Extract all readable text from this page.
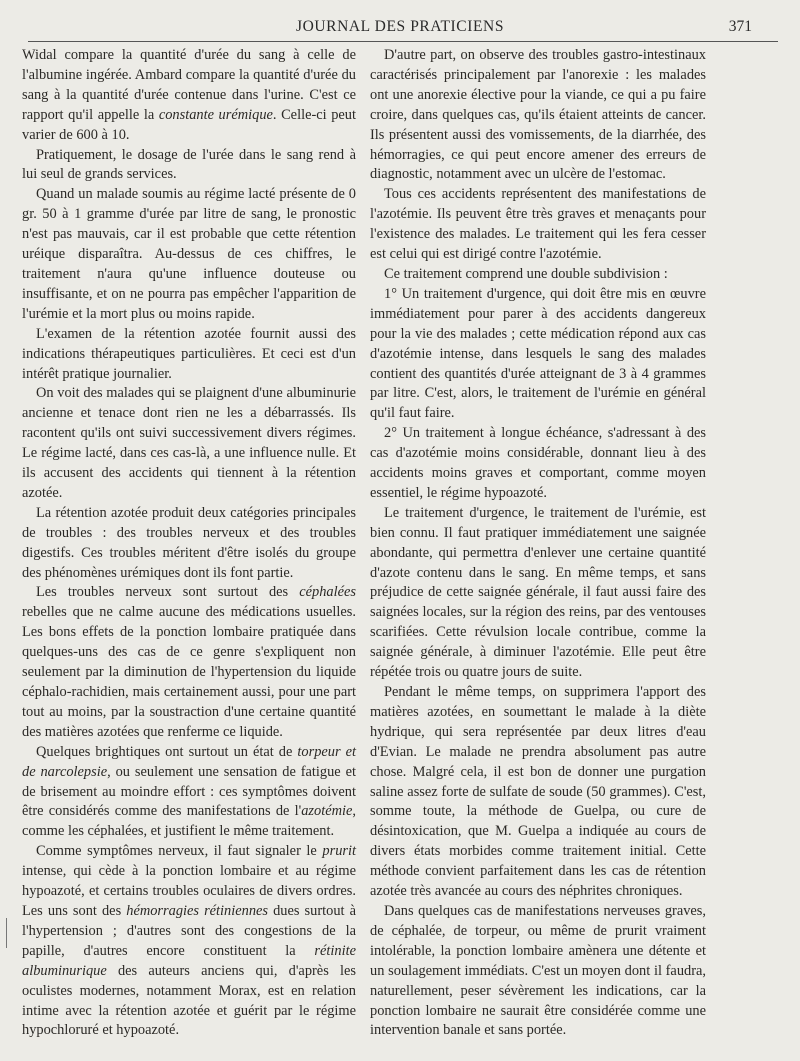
JOURNAL DES PRATICIENS	371

Widal compare la quantité d'urée du sang à celle de l'albumine ingérée. Ambard compare la quantité d'urée du sang à la quantité d'urée contenue dans l'urine. C'est ce rapport qu'il appelle la constante urémique. Celle-ci peut varier de 600 à 10.

Pratiquement, le dosage de l'urée dans le sang rend à lui seul de grands services.

Quand un malade soumis au régime lacté présente de 0 gr. 50 à 1 gramme d'urée par litre de sang, le pronostic n'est pas mauvais, car il est probable que cette rétention uréique disparaîtra. Au-dessus de ces chiffres, le traitement n'aura qu'une influence douteuse ou insuffisante, et on ne pourra pas empêcher l'apparition de l'urémie et la mort plus ou moins rapide.

L'examen de la rétention azotée fournit aussi des indications thérapeutiques particulières. Et ceci est d'un intérêt pratique journalier.

On voit des malades qui se plaignent d'une albuminurie ancienne et tenace dont rien ne les a débarrassés. Ils racontent qu'ils ont suivi successivement divers régimes. Le régime lacté, dans ces cas-là, a une influence nulle. Et ils accusent des accidents qui tiennent à la rétention azotée.

La rétention azotée produit deux catégories principales de troubles : des troubles nerveux et des troubles digestifs. Ces troubles méritent d'être isolés du groupe des phénomènes urémiques dont ils font partie.

Les troubles nerveux sont surtout des céphalées rebelles que ne calme aucune des médications usuelles. Les bons effets de la ponction lombaire pratiquée dans quelques-uns des cas de ce genre s'expliquent non seulement par la diminution de l'hypertension du liquide céphalo-rachidien, mais certainement aussi, pour une part tout au moins, par la soustraction d'une certaine quantité des matières azotées que renferme ce liquide.

Quelques brightiques ont surtout un état de torpeur et de narcolepsie, ou seulement une sensation de fatigue et de brisement au moindre effort : ces symptômes doivent être considérés comme des manifestations de l'azotémie, comme les céphalées, et justifient le même traitement.

Comme symptômes nerveux, il faut signaler le prurit intense, qui cède à la ponction lombaire et au régime hypoazoté, et certains troubles oculaires de divers ordres. Les uns sont des hémorragies rétiniennes dues surtout à l'hypertension ; d'autres sont des congestions de la papille, d'autres encore constituent la rétinite albuminurique des auteurs anciens qui, d'après les oculistes modernes, notamment Morax, est en relation intime avec la rétention azotée et guérit par le régime hypochloruré et hypoazoté.

D'autre part, on observe des troubles gastro-intestinaux caractérisés principalement par l'anorexie : les malades ont une anorexie élective pour la viande, ce qui a pu faire croire, dans quelques cas, qu'ils étaient atteints de cancer. Ils présentent aussi des vomissements, de la diarrhée, des hémorragies, ce qui peut encore amener des erreurs de diagnostic, notamment avec un ulcère de l'estomac.

Tous ces accidents représentent des manifestations de l'azotémie. Ils peuvent être très graves et menaçants pour l'existence des malades. Le traitement qui les fera cesser est celui qui est dirigé contre l'azotémie.

Ce traitement comprend une double subdivision :

1° Un traitement d'urgence, qui doit être mis en œuvre immédiatement pour parer à des accidents dangereux pour la vie des malades ; cette médication répond aux cas d'azotémie intense, dans lesquels le sang des malades contient des quantités d'urée atteignant de 3 à 4 grammes par litre. C'est, alors, le traitement de l'urémie en général qu'il faut faire.

2° Un traitement à longue échéance, s'adressant à des cas d'azotémie moins considérable, donnant lieu à des accidents moins graves et comportant, comme moyen essentiel, le régime hypoazoté.

Le traitement d'urgence, le traitement de l'urémie, est bien connu. Il faut pratiquer immédiatement une saignée abondante, qui permettra d'enlever une certaine quantité d'azote contenu dans le sang. En même temps, et sans préjudice de cette saignée générale, il faut aussi faire des saignées locales, sur la région des reins, par des ventouses scarifiées. Cette révulsion locale contribue, comme la saignée générale, à diminuer l'azotémie. Elle peut être répétée trois ou quatre jours de suite.

Pendant le même temps, on supprimera l'apport des matières azotées, en soumettant le malade à la diète hydrique, qui sera représentée par deux litres d'eau d'Evian. Le malade ne prendra absolument pas autre chose. Malgré cela, il est bon de donner une purgation saline assez forte de sulfate de soude (50 grammes). C'est, somme toute, la méthode de Guelpa, ou cure de désintoxication, que M. Guelpa a indiquée au cours de divers états morbides comme traitement initial. Cette méthode convient parfaitement dans les cas de rétention azotée très avancée au cours des néphrites chroniques.

Dans quelques cas de manifestations nerveuses graves, de céphalée, de torpeur, ou même de prurit vraiment intolérable, la ponction lombaire amènera une détente et un soulagement immédiats. C'est un moyen dont il faudra, naturellement, peser sévèrement les indications, car la ponction lombaire ne saurait être considérée comme une intervention banale et sans portée.
